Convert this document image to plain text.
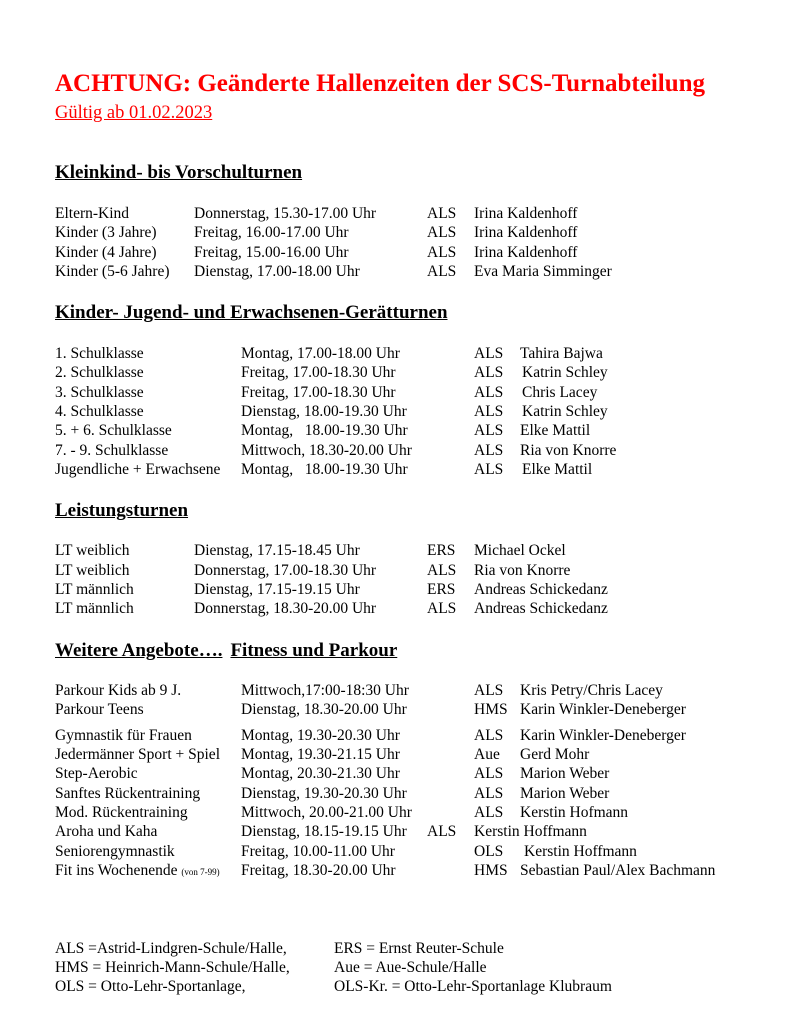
ACHTUNG: Geänderte Hallenzeiten der SCS-Turnabteilung
Gültig ab 01.02.2023
Kleinkind- bis Vorschulturnen
Eltern-Kind	Donnerstag, 15.30-17.00 Uhr	ALS Irina Kaldenhoff
Kinder (3 Jahre) Freitag, 16.00-17.00 Uhr	ALS Irina Kaldenhoff
Kinder (4 Jahre) Freitag, 15.00-16.00 Uhr	ALS Irina Kaldenhoff
Kinder (5-6 Jahre) Dienstag, 17.00-18.00 Uhr	ALS Eva Maria Simminger
Kinder- Jugend- und Erwachsenen-Gerätturnen
1. Schulklasse	Montag, 17.00-18.00 Uhr	ALS Tahira Bajwa
2. Schulklasse	Freitag, 17.00-18.30 Uhr	ALS Katrin Schley
3. Schulklasse	Freitag, 17.00-18.30 Uhr	ALS Chris Lacey
4. Schulklasse	Dienstag, 18.00-19.30 Uhr	ALS Katrin Schley
5. + 6. Schulklasse	Montag,   18.00-19.30 Uhr	ALS Elke Mattil
7. - 9. Schulklasse	Mittwoch, 18.30-20.00 Uhr	ALS Ria von Knorre
Jugendliche + Erwachsene Montag,   18.00-19.30 Uhr	ALS Elke Mattil
Leistungsturnen
LT weiblich	Dienstag, 17.15-18.45 Uhr	ERS Michael Ockel
LT weiblich	Donnerstag, 17.00-18.30 Uhr	ALS Ria von Knorre
LT männlich	Dienstag, 17.15-19.15 Uhr	ERS Andreas Schickedanz
LT männlich	Donnerstag, 18.30-20.00 Uhr	ALS Andreas Schickedanz
Weitere Angebote…. Fitness und Parkour
Parkour Kids ab 9 J.	Mittwoch,17:00-18:30 Uhr	ALS Kris Petry/Chris Lacey
Parkour Teens	Dienstag, 18.30-20.00 Uhr	HMS Karin Winkler-Deneberger
Gymnastik für Frauen	Montag, 19.30-20.30 Uhr	ALS Karin Winkler-Deneberger
Jedermänner Sport + Spiel Montag, 19.30-21.15 Uhr	Aue Gerd Mohr
Step-Aerobic	Montag, 20.30-21.30 Uhr	ALS Marion Weber
Sanftes Rückentraining	Dienstag, 19.30-20.30 Uhr	ALS Marion Weber
Mod. Rückentraining	Mittwoch, 20.00-21.00 Uhr	ALS Kerstin Hofmann
Aroha und Kaha	Dienstag, 18.15-19.15 Uhr ALS Kerstin Hoffmann
Seniorengymnastik	Freitag, 10.00-11.00 Uhr	OLS Kerstin Hoffmann
Fit ins Wochenende (von 7-99) Freitag, 18.30-20.00 Uhr	HMS Sebastian Paul/Alex Bachmann
ALS =Astrid-Lindgren-Schule/Halle,
HMS = Heinrich-Mann-Schule/Halle,
OLS = Otto-Lehr-Sportanlage,
ERS = Ernst Reuter-Schule
Aue = Aue-Schule/Halle
OLS-Kr. = Otto-Lehr-Sportanlage Klubraum
